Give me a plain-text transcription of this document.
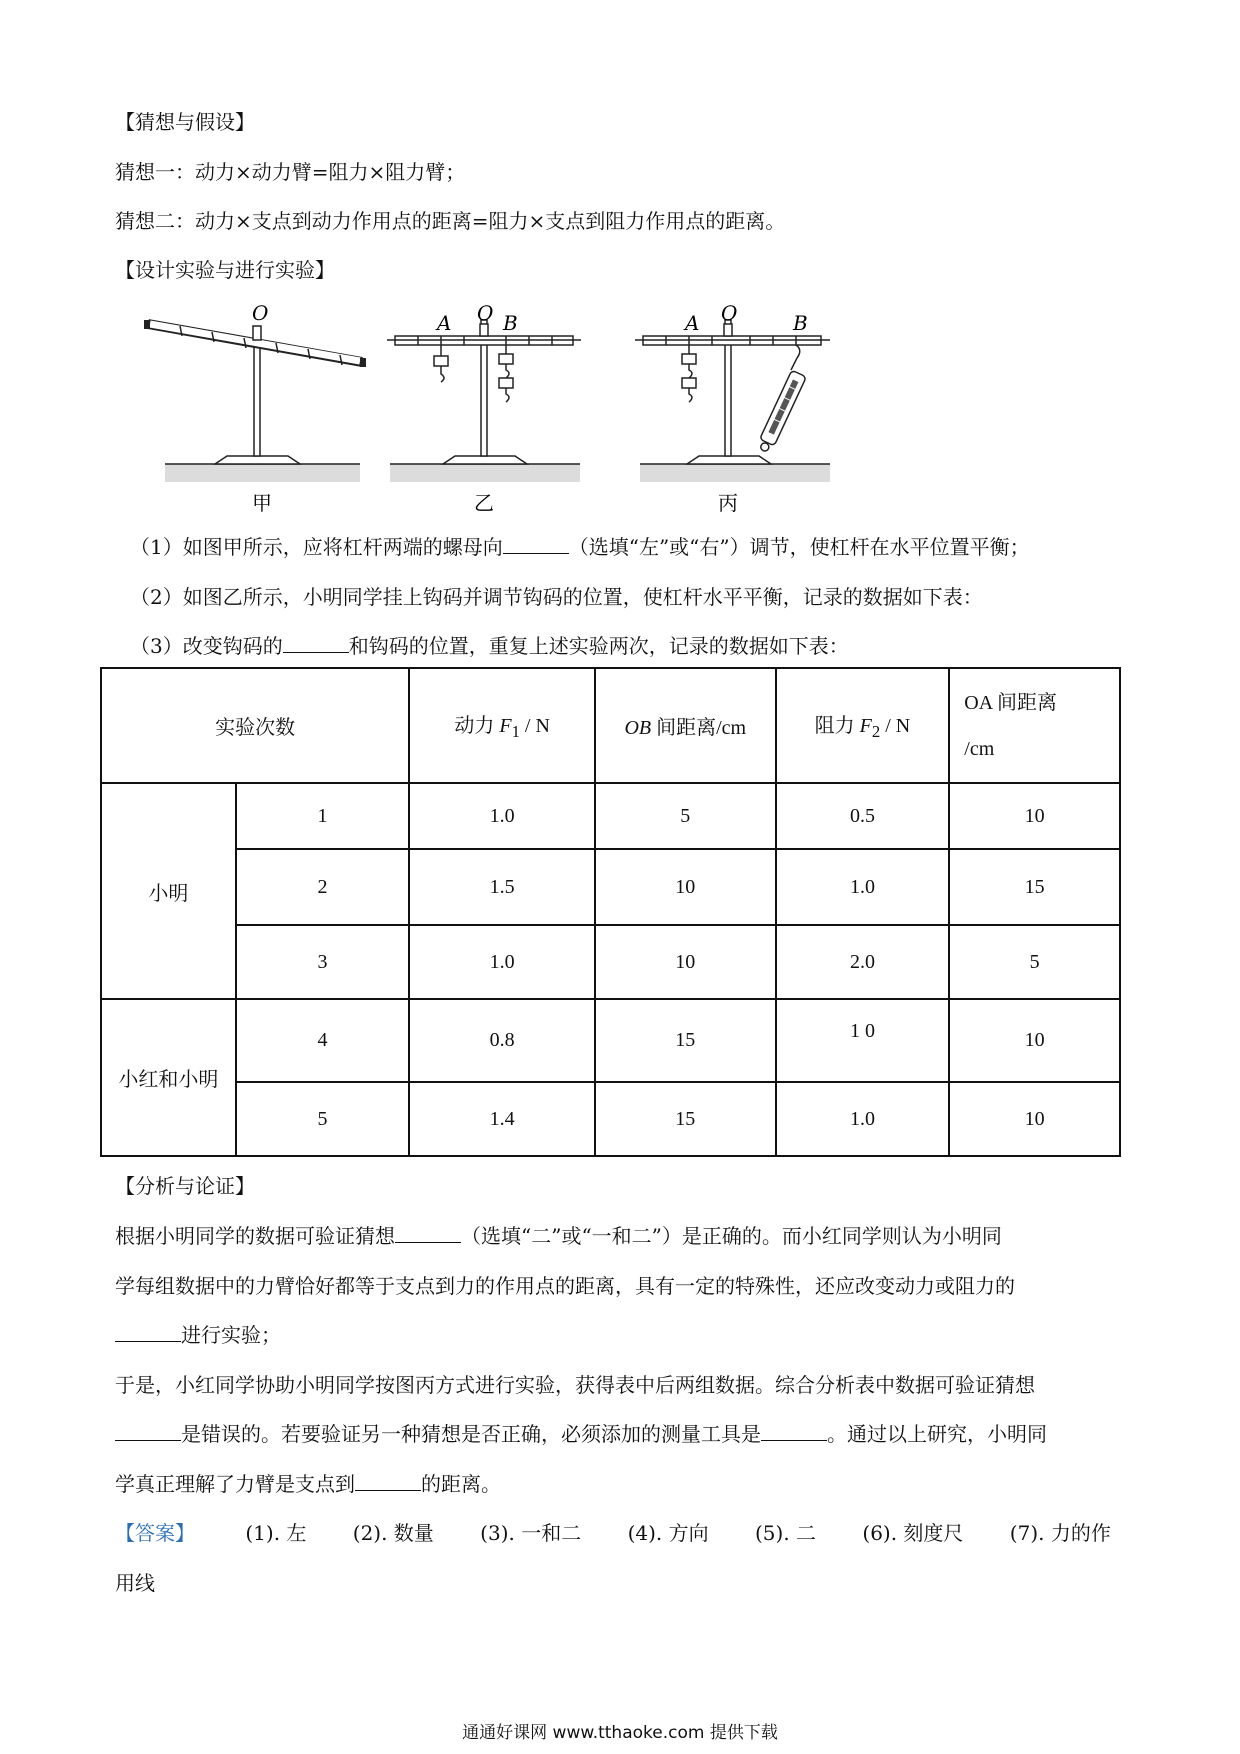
【猜想与假设】
猜想一：动力×动力臂=阻力×阻力臂；
猜想二：动力×支点到动力作用点的距离=阻力×支点到阻力作用点的距离。
【设计实验与进行实验】
O
甲
A O B
乙
A O	B
丙
（1）如图甲所示，应将杠杆两端的螺母向	（选填“左”或“右”）调节，使杠杆在水平位置平衡；
（2）如图乙所示，小明同学挂上钩码并调节钩码的位置，使杠杆水平平衡，记录的数据如下表：
（3）改变钩码的	和钩码的位置，重复上述实验两次，记录的数据如下表：
实验次数		动力 $F_1$ / N	OB 间距离/cm	阻力 $F_2$ / N	OA 间距离
/cm
小明	1	1.0	5	0.5	10
	2	1.5	10	1.0	15
	3	1.0	10	2.0	5
小红和小明	4	0.8	15	1 0	10
	5	1.4	15	1.0	10
【分析与论证】
根据小明同学的数据可验证猜想	（选填“二”或“一和二”）是正确的。而小红同学则认为小明同
学每组数据中的力臂恰好都等于支点到力的作用点的距离，具有一定的特殊性，还应改变动力或阻力的
进行实验；
于是，小红同学协助小明同学按图丙方式进行实验，获得表中后两组数据。综合分析表中数据可验证猜想
是错误的。若要验证另一种猜想是否正确，必须添加的测量工具是	。通过以上研究，小明同
学真正理解了力臂是支点到	的距离。
【答案】	(1). 左 (2). 数量 (3). 一和二 (4). 方向 (5). 二 (6). 刻度尺 (7). 力的作
用线
通通好课网 www.tthaoke.com 提供下载
